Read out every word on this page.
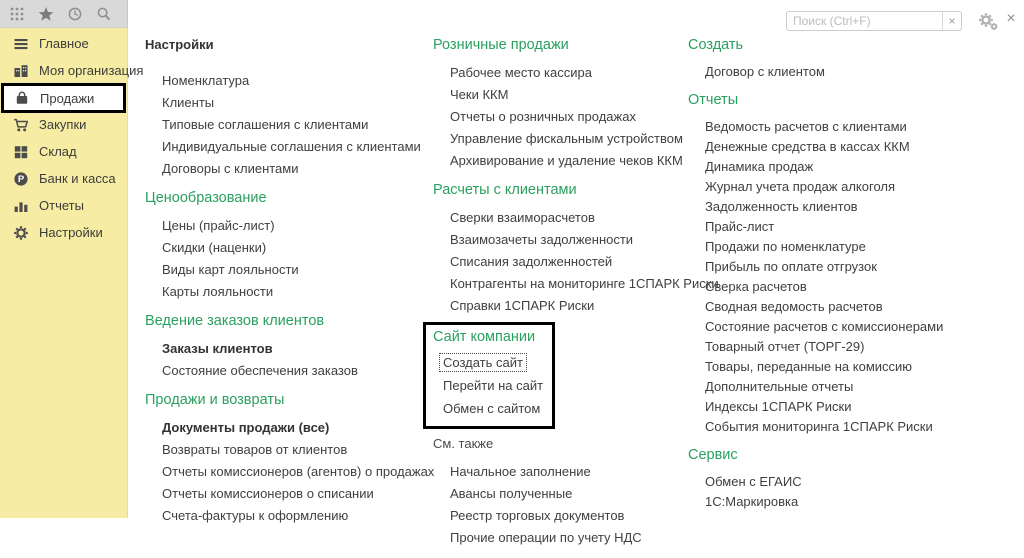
Главное
Моя организация
Продажи
Закупки
Склад
Р Банк и касса
Отчеты
Настройки
Настройки
Номенклатура
Клиенты
Типовые соглашения с клиентами
Индивидуальные соглашения с клиентами
Договоры с клиентами
Ценообразование
Цены (прайс-лист)
Скидки (наценки)
Виды карт лояльности
Карты лояльности
Ведение заказов клиентов
Заказы клиентов
Состояние обеспечения заказов
Продажи и возвраты
Документы продажи (все)
Возвраты товаров от клиентов
Отчеты комиссионеров (агентов) о продажах
Отчеты комиссионеров о списании
Счета-фактуры к оформлению
Розничные продажи
Рабочее место кассира
Чеки ККМ
Отчеты о розничных продажах
Управление фискальным устройством
Архивирование и удаление чеков ККМ
Расчеты с клиентами
Сверки взаиморасчетов
Взаимозачеты задолженности
Списания задолженностей
Контрагенты на мониторинге 1СПАРК Риски
Справки 1СПАРК Риски
Сайт компании
Создать сайт
Перейти на сайт
Обмен с сайтом
См. также
Начальное заполнение
Авансы полученные
Реестр торговых документов
Прочие операции по учету НДС
Создать
Договор с клиентом
Отчеты
Ведомость расчетов с клиентами
Денежные средства в кассах ККМ
Динамика продаж
Журнал учета продаж алкоголя
Задолженность клиентов
Прайс-лист
Продажи по номенклатуре
Прибыль по оплате отгрузок
Сверка расчетов
Сводная ведомость расчетов
Состояние расчетов с комиссионерами
Товарный отчет (ТОРГ-29)
Товары, переданные на комиссию
Дополнительные отчеты
Индексы 1СПАРК Риски
События мониторинга 1СПАРК Риски
Сервис
Обмен с ЕГАИС
1С:Маркировка
Поиск (Ctrl+F)
×	×
